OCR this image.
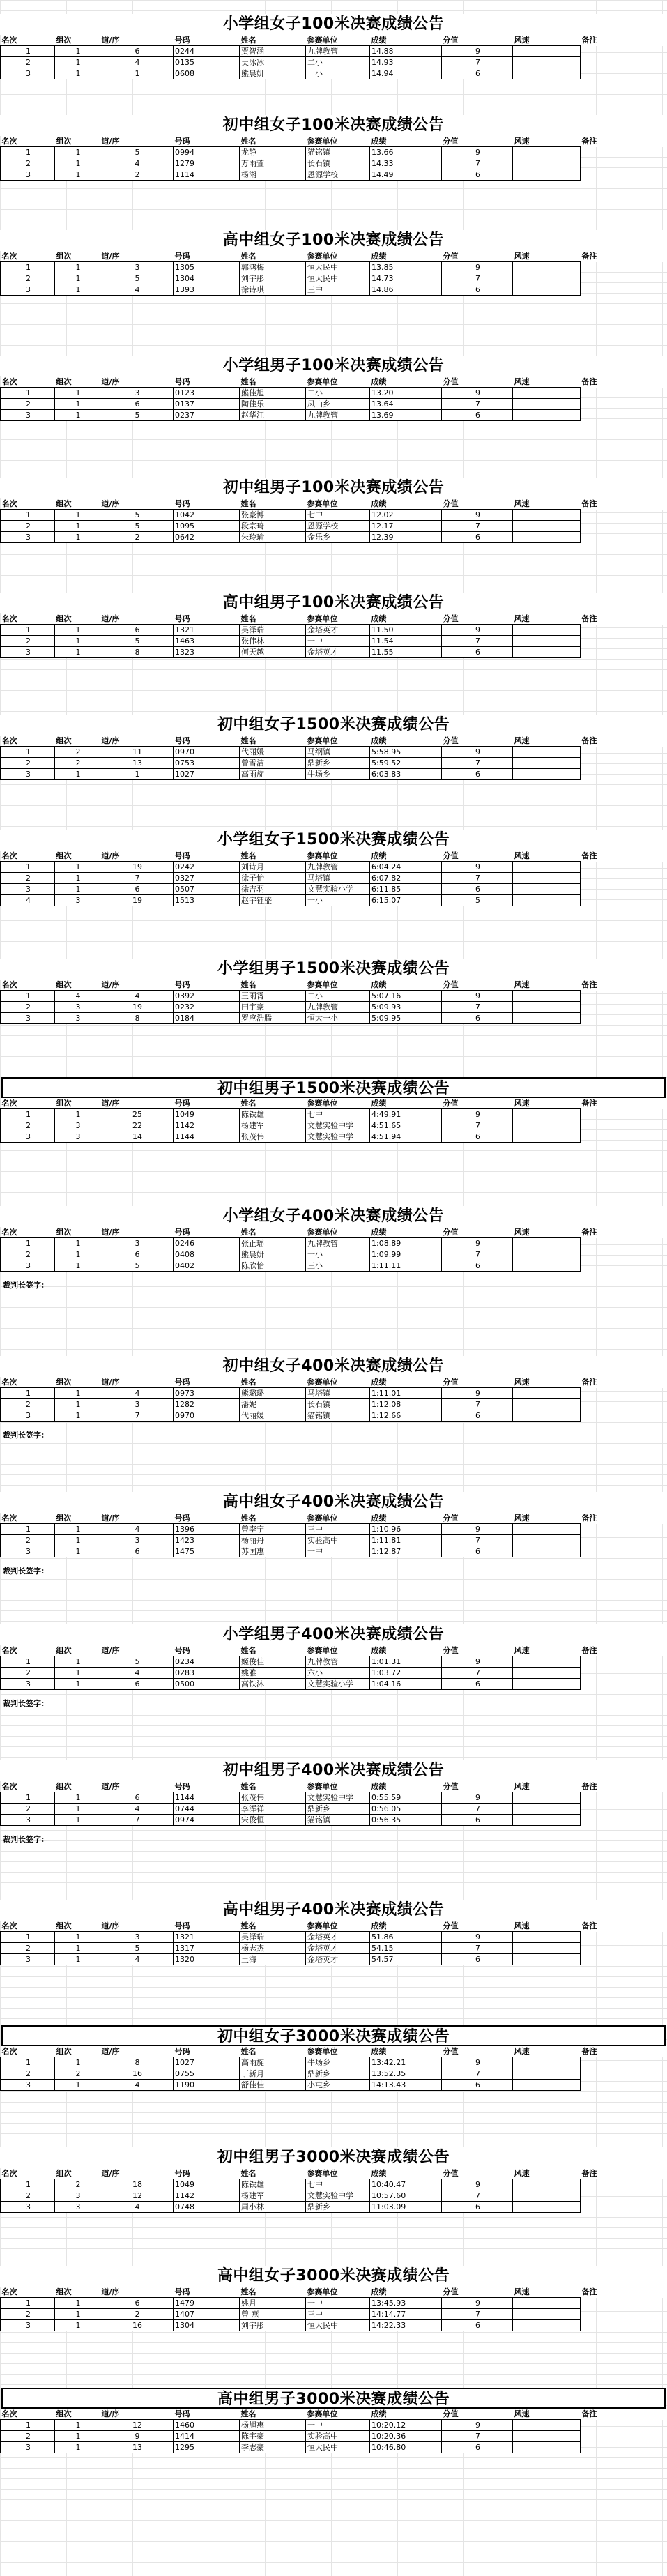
小学组女子100米决赛成绩公告
名次	组次	道/序	号码	姓名	参赛单位	成绩	分值	风速	备注
1	1	6	0244	贾智涵	九牌教管	14.88	9		
2	1	4	0135	吴冰冰	二小	14.93	7		
3	1	1	0608	熊晨妍	一小	14.94	6		
初中组女子100米决赛成绩公告
名次	组次	道/序	号码	姓名	参赛单位	成绩	分值	风速	备注
1	1	5	0994	龙静	猫铭镇	13.66	9		
2	1	4	1279	万雨萱	长石镇	14.33	7		
3	1	2	1114	杨湘	恩源学校	14.49	6		
高中组女子100米决赛成绩公告
名次	组次	道/序	号码	姓名	参赛单位	成绩	分值	风速	备注
1	1	3	1305	郭鸿梅	恒大民中	13.85	9		
2	1	5	1304	刘宇彤	恒大民中	14.73	7		
3	1	4	1393	徐诗琪	三中	14.86	6		
小学组男子100米决赛成绩公告
名次	组次	道/序	号码	姓名	参赛单位	成绩	分值	风速	备注
1	1	3	0123	熊佳旭	二小	13.20	9		
2	1	6	0137	陶佳乐	凤山乡	13.64	7		
3	1	5	0237	赵华江	九牌教管	13.69	6		
初中组男子100米决赛成绩公告
名次	组次	道/序	号码	姓名	参赛单位	成绩	分值	风速	备注
1	1	5	1042	张豪博	七中	12.02	9		
2	1	5	1095	段宗琦	恩源学校	12.17	7		
3	1	2	0642	朱玲瑜	金乐乡	12.39	6		
高中组男子100米决赛成绩公告
名次	组次	道/序	号码	姓名	参赛单位	成绩	分值	风速	备注
1	1	6	1321	吴泽瑞	金塔英才	11.50	9		
2	1	5	1463	张伟林	一中	11.54	7		
3	1	8	1323	何天越	金塔英才	11.55	6		
初中组女子1500米决赛成绩公告
名次	组次	道/序	号码	姓名	参赛单位	成绩	分值	风速	备注
1	2	11	0970	代丽媛	马纲镇	5:58.95	9		
2	2	13	0753	曾雪洁	鼎新乡	5:59.52	7		
3	1	1	1027	高雨旋	牛场乡	6:03.83	6		
小学组女子1500米决赛成绩公告
名次	组次	道/序	号码	姓名	参赛单位	成绩	分值	风速	备注
1	1	19	0242	刘诗月	九牌教管	6:04.24	9		
2	1	7	0327	徐子怡	马塔镇	6:07.82	7		
3	1	6	0507	徐吉羽	文慧实验小学	6:11.85	6		
4	3	19	1513	赵宇钰盛	一小	6:15.07	5		
小学组男子1500米决赛成绩公告
名次	组次	道/序	号码	姓名	参赛单位	成绩	分值	风速	备注
1	4	4	0392	王雨霄	二小	5:07.16	9		
2	3	19	0232	田宇豪	九牌教管	5:09.93	7		
3	3	8	0184	罗应浩腾	恒大一小	5:09.95	6		
初中组男子1500米决赛成绩公告
名次	组次	道/序	号码	姓名	参赛单位	成绩	分值	风速	备注
1	1	25	1049	陈铁雄	七中	4:49.91	9		
2	3	22	1142	杨建军	文慧实验中学	4:51.65	7		
3	3	14	1144	张茂伟	文慧实验中学	4:51.94	6		
小学组女子400米决赛成绩公告
名次	组次	道/序	号码	姓名	参赛单位	成绩	分值	风速	备注
1	1	3	0246	张正瑶	九牌教管	1:08.89	9		
2	1	6	0408	熊晨妍	一小	1:09.99	7		
3	1	5	0402	陈欣怡	三小	1:11.11	6		
裁判长签字:
初中组女子400米决赛成绩公告
名次	组次	道/序	号码	姓名	参赛单位	成绩	分值	风速	备注
1	1	4	0973	熊璐璐	马塔镇	1:11.01	9		
2	1	3	1282	潘妮	长石镇	1:12.08	7		
3	1	7	0970	代丽媛	猫铭镇	1:12.66	6		
裁判长签字:
高中组女子400米决赛成绩公告
名次	组次	道/序	号码	姓名	参赛单位	成绩	分值	风速	备注
1	1	4	1396	曾李宁	三中	1:10.96	9		
2	1	3	1423	杨丽丹	实验高中	1:11.81	7		
3	1	6	1475	苏国惠	一中	1:12.87	6		
裁判长签字:
小学组男子400米决赛成绩公告
名次	组次	道/序	号码	姓名	参赛单位	成绩	分值	风速	备注
1	1	5	0234	姬俊佳	九牌教管	1:01.31	9		
2	1	4	0283	姚雅	六小	1:03.72	7		
3	1	6	0500	高铁沐	文慧实验小学	1:04.16	6		
裁判长签字:
初中组男子400米决赛成绩公告
名次	组次	道/序	号码	姓名	参赛单位	成绩	分值	风速	备注
1	1	6	1144	张茂伟	文慧实验中学	0:55.59	9		
2	1	4	0744	李浑祥	鼎新乡	0:56.05	7		
3	1	7	0974	宋俊恒	猫铭镇	0:56.35	6		
裁判长签字:
高中组男子400米决赛成绩公告
名次	组次	道/序	号码	姓名	参赛单位	成绩	分值	风速	备注
1	1	3	1321	吴泽瑞	金塔英才	51.86	9		
2	1	5	1317	杨志杰	金塔英才	54.15	7		
3	1	4	1320	王海	金塔英才	54.57	6		
初中组女子3000米决赛成绩公告
名次	组次	道/序	号码	姓名	参赛单位	成绩	分值	风速	备注
1	1	8	1027	高雨旋	牛场乡	13:42.21	9		
2	2	16	0755	丁新月	鼎新乡	13:52.35	7		
3	1	4	1190	舒佳佳	小屯乡	14:13.43	6		
初中组男子3000米决赛成绩公告
名次	组次	道/序	号码	姓名	参赛单位	成绩	分值	风速	备注
1	2	18	1049	陈铁雄	七中	10:40.47	9		
2	3	12	1142	杨建军	文慧实验中学	10:57.60	7		
3	3	4	0748	周小林	鼎新乡	11:03.09	6		
高中组女子3000米决赛成绩公告
名次	组次	道/序	号码	姓名	参赛单位	成绩	分值	风速	备注
1	1	6	1479	姚月	一中	13:45.93	9		
2	1	2	1407	曾 燕	三中	14:14.77	7		
3	1	16	1304	刘宇彤	恒大民中	14:22.33	6		
高中组男子3000米决赛成绩公告
名次	组次	道/序	号码	姓名	参赛单位	成绩	分值	风速	备注
1	1	12	1460	杨旭惠	一中	10:20.12	9		
2	1	9	1414	陈宇豪	实验高中	10:20.36	7		
3	1	13	1295	李志豪	恒大民中	10:46.80	6		
